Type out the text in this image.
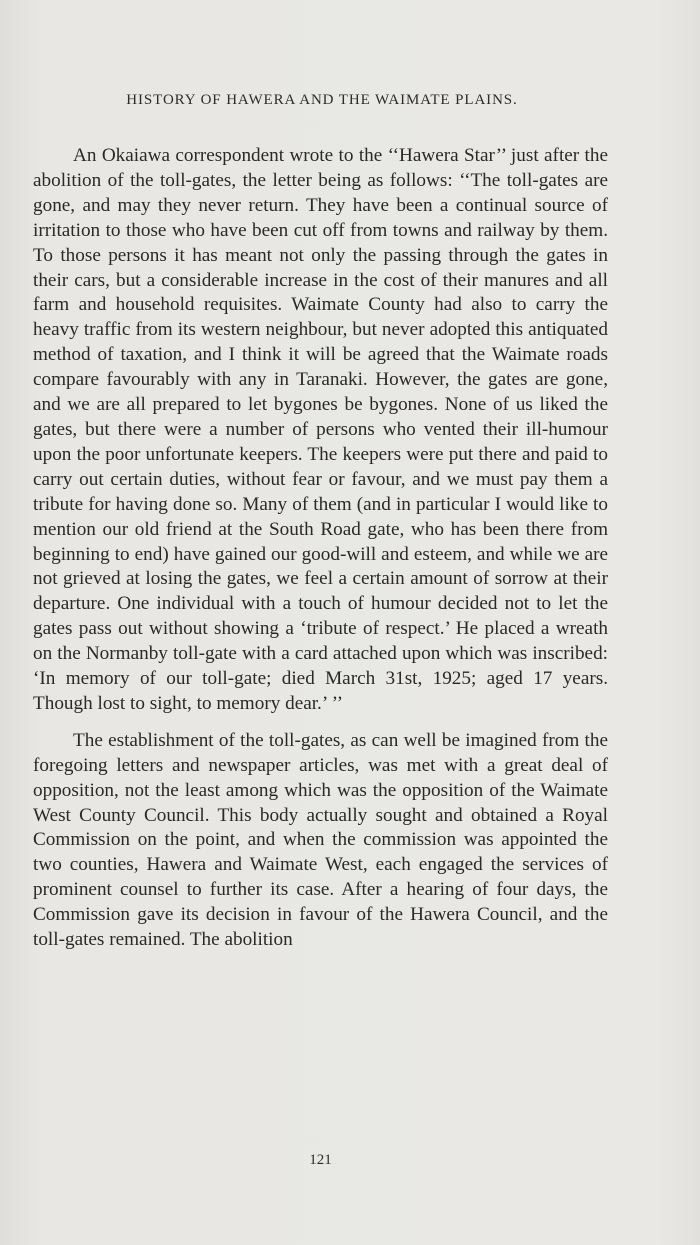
HISTORY OF HAWERA AND THE WAIMATE PLAINS.

An Okaiawa correspondent wrote to the ‘‘Hawera Star’’ just after the abolition of the toll-gates, the letter being as follows: ‘‘The toll-gates are gone, and may they never return. They have been a continual source of irritation to those who have been cut off from towns and railway by them. To those persons it has meant not only the passing through the gates in their cars, but a considerable increase in the cost of their manures and all farm and household requisites. Waimate County had also to carry the heavy traffic from its western neighbour, but never adopted this antiquated method of taxation, and I think it will be agreed that the Waimate roads compare favourably with any in Taranaki. However, the gates are gone, and we are all prepared to let bygones be bygones. None of us liked the gates, but there were a number of persons who vented their ill-humour upon the poor unfortunate keepers. The keepers were put there and paid to carry out certain duties, without fear or favour, and we must pay them a tribute for having done so. Many of them (and in particular I would like to mention our old friend at the South Road gate, who has been there from beginning to end) have gained our good-will and esteem, and while we are not grieved at losing the gates, we feel a certain amount of sorrow at their departure. One individual with a touch of humour decided not to let the gates pass out without showing a ‘tribute of respect.’ He placed a wreath on the Normanby toll-gate with a card attached upon which was inscribed: ‘In memory of our toll-gate; died March 31st, 1925; aged 17 years. Though lost to sight, to memory dear.’ ’’

The establishment of the toll-gates, as can well be imagined from the foregoing letters and newspaper articles, was met with a great deal of opposition, not the least among which was the opposition of the Waimate West County Council. This body actually sought and obtained a Royal Commission on the point, and when the commission was appointed the two counties, Hawera and Waimate West, each engaged the services of prominent counsel to further its case. After a hearing of four days, the Commission gave its decision in favour of the Hawera Council, and the toll-gates remained. The abolition

121
